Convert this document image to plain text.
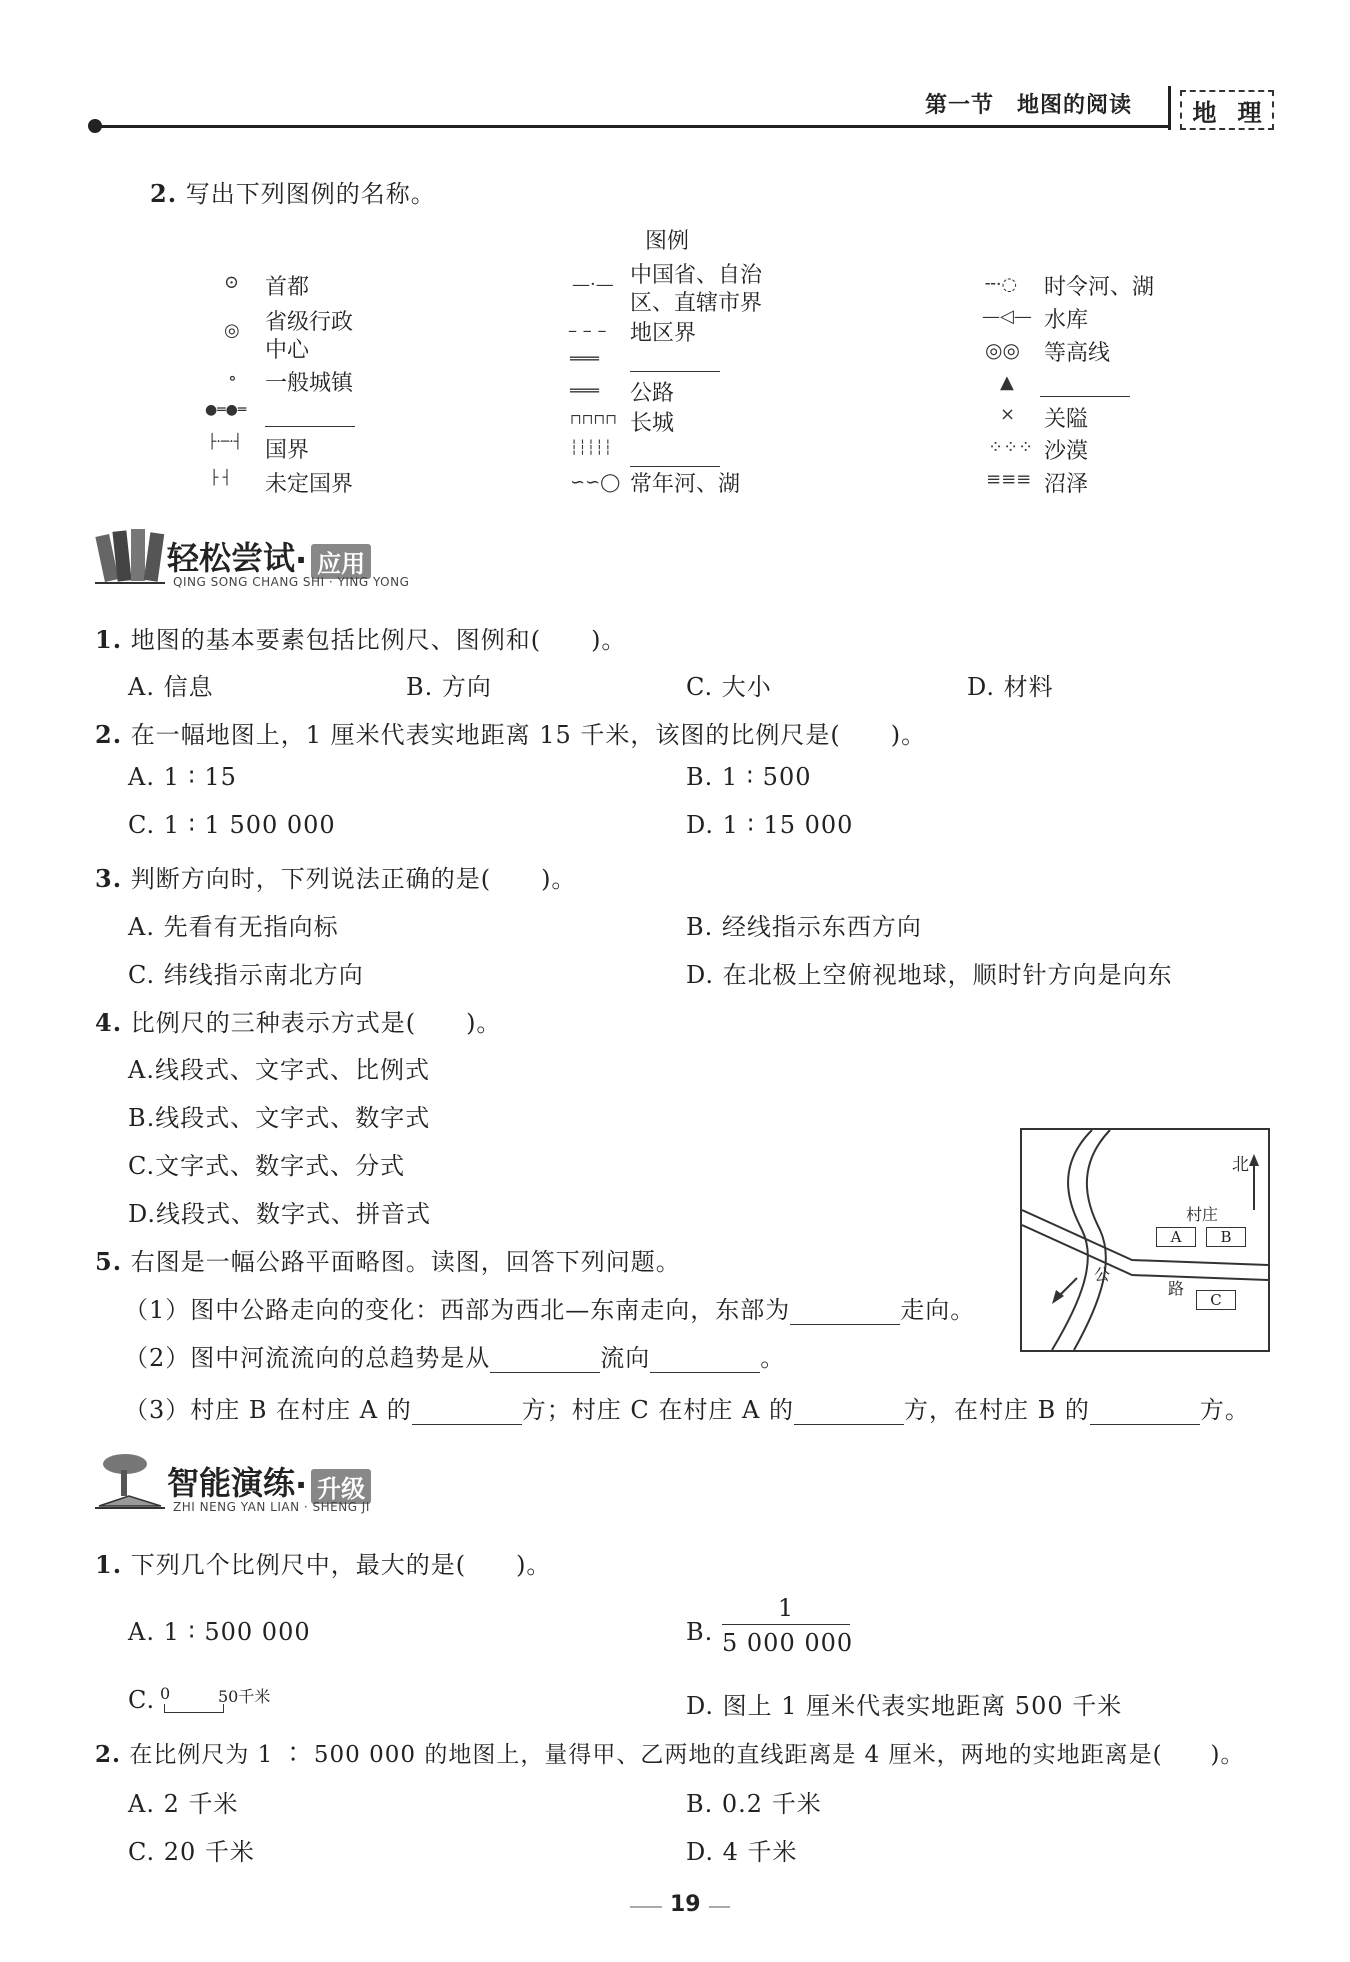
第一节　地图的阅读	地 理
2. 写出下列图例的名称。
图例
⊙ 首都
◎ 省级行政
中心
∘ 一般城镇
●═●═
├·─·┤ 国界
├ ┤ 未定国界
—·— 中国省、自治
区、直辖市界
– – – 地区界
═══
═══ 公路
⊓⊓⊓⊓ 长城
┆┆┆┆┆
∽∽◯ 常年河、湖
╌·◌ 时令河、湖
—◁— 水库
◎◎ 等高线
▲
× 关隘
⁘⁘⁘ 沙漠
≡≡≡ 沼泽
轻松尝试 · 应用
QING SONG CHANG SHI · YING YONG
1. 地图的基本要素包括比例尺、图例和(　　)。
A. 信息	B. 方向	C. 大小	D. 材料
2. 在一幅地图上，1 厘米代表实地距离 15 千米，该图的比例尺是(　　)。
A. 1 ∶ 15	B. 1 ∶ 500
C. 1 ∶ 1 500 000	D. 1 ∶ 15 000
3. 判断方向时，下列说法正确的是(　　)。
A. 先看有无指向标	B. 经线指示东西方向
C. 纬线指示南北方向	D. 在北极上空俯视地球，顺时针方向是向东
4. 比例尺的三种表示方式是(　　)。
A.线段式、文字式、比例式
B.线段式、文字式、数字式
C.文字式、数字式、分式
D.线段式、数字式、拼音式
5. 右图是一幅公路平面略图。读图，回答下列问题。
（1）图中公路走向的变化：西部为西北—东南走向，东部为	走向。
（2）图中河流流向的总趋势是从	流向	。
（3）村庄 B 在村庄 A 的	方；村庄 C 在村庄 A 的	方，在村庄 B 的	方。
北
村庄
A	B
C
公
路
智能演练 · 升级
ZHI NENG YAN LIAN · SHENG JI
1. 下列几个比例尺中，最大的是(　　)。
A. 1 ∶ 500 000	B. $\frac{1}{5 000 000}$
C. 0	50千米	D. 图上 1 厘米代表实地距离 500 千米
2. 在比例尺为 1 ∶ 500 000 的地图上，量得甲、乙两地的直线距离是 4 厘米，两地的实地距离是(　　)。
A. 2 千米	B. 0.2 千米
C. 20 千米	D. 4 千米
19
